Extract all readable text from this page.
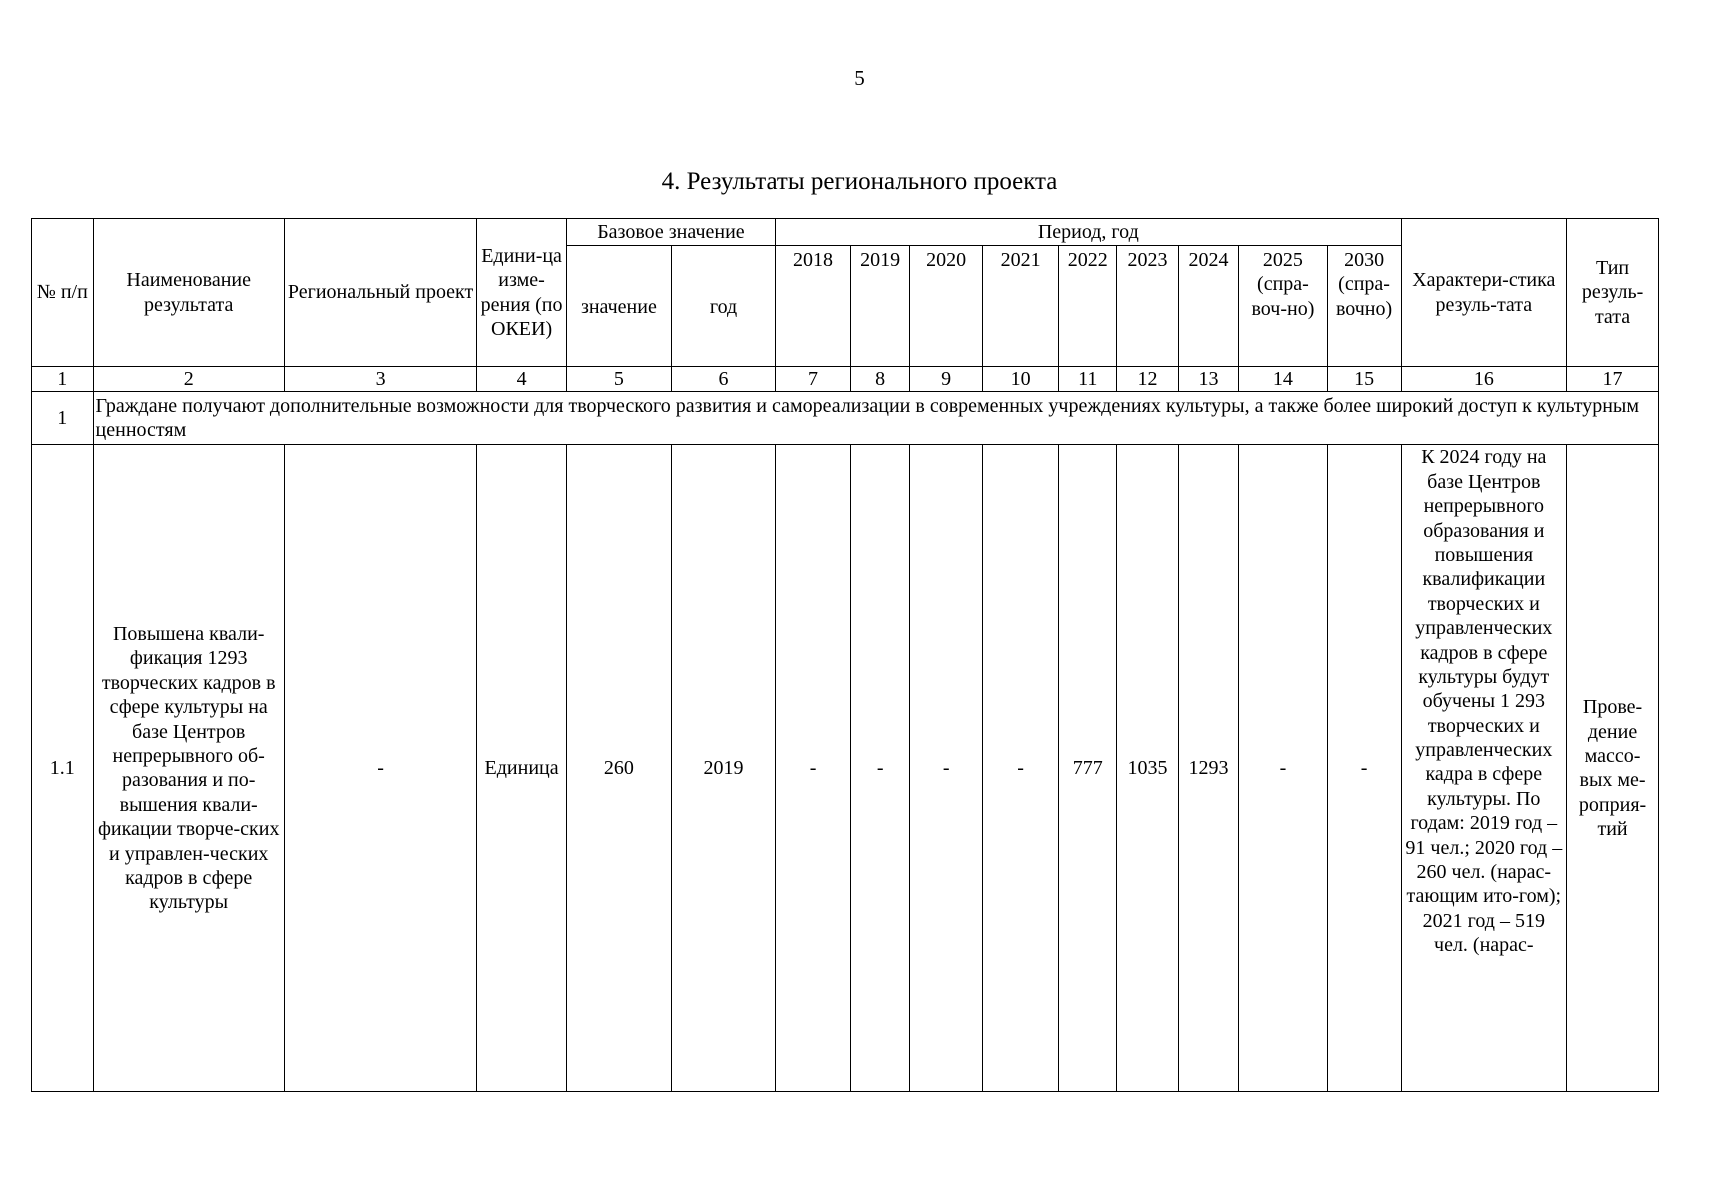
5
4. Результаты регионального проекта
№ п/п	Наименование результата	Региональный проект	Едини-ца изме-рения (по ОКЕИ)	Базовое значение		Период, год									Характери-стика резуль-тата	Тип резуль-тата
				значение	год	2018	2019	2020	2021	2022	2023	2024	2025 (спра-воч-но)	2030 (спра-вочно)		
1	2	3	4	5	6	7	8	9	10	11	12	13	14	15	16	17
1	Граждане получают дополнительные возможности для творческого развития и самореализации в современных учреждениях культуры, а также более широкий доступ к культурным ценностям															
1.1	Повышена квали-фикация 1293 творческих кадров в сфере культуры на базе Центров непрерывного об-разования и по-вышения квали-фикации творче-ских и управлен-ческих кадров в сфере культуры	-	Единица	260	2019	-	-	-	-	777	1035	1293	-	-	К 2024 году на базе Центров непрерывного образования и повышения квалификации творческих и управленческих кадров в сфере культуры будут обучены 1 293 творческих и управленческих кадра в сфере культуры. По годам: 2019 год – 91 чел.; 2020 год – 260 чел. (нарас-тающим ито-гом); 2021 год – 519 чел. (нарас-	Прове-дение массо-вых ме-роприя-тий
